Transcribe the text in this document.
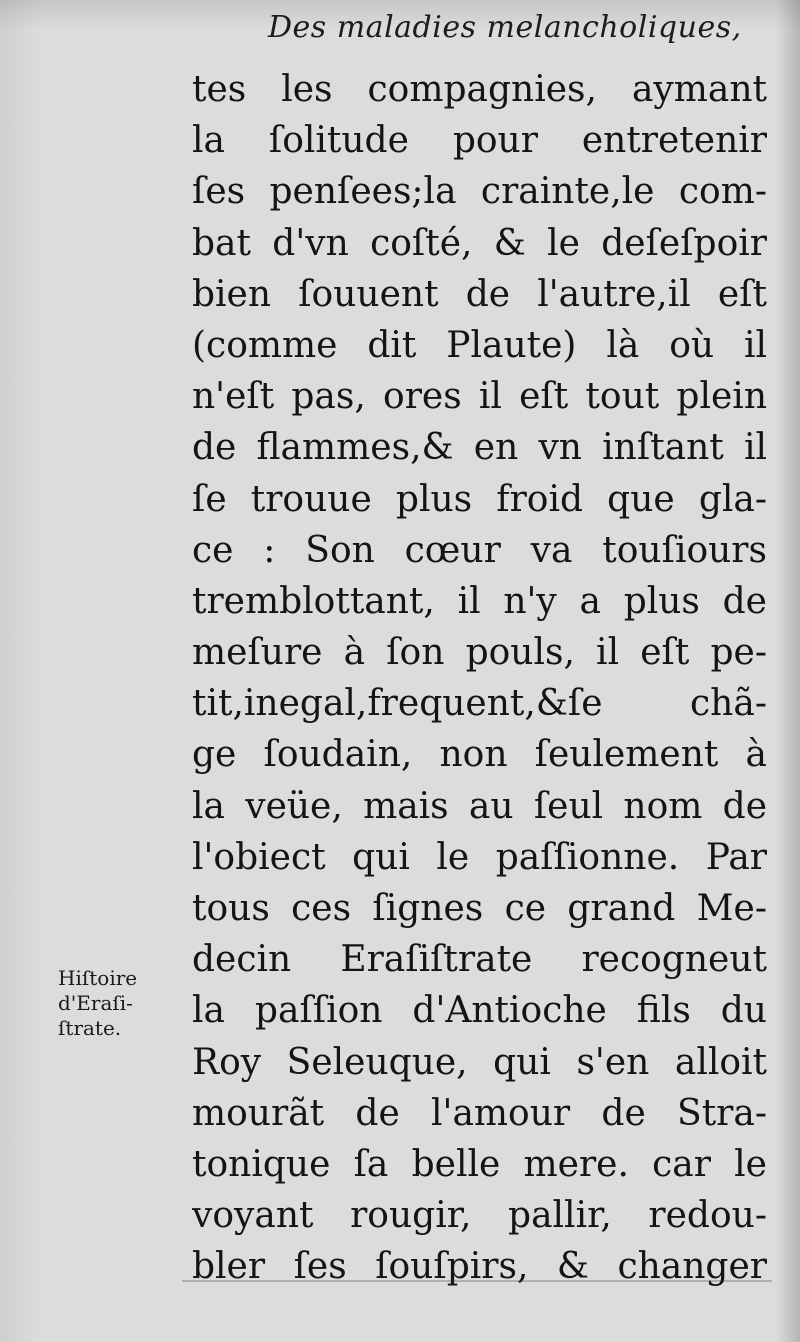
Des maladies melancholiques,
tes les compagnies, aymant
la ſolitude pour entretenir
ſes penſees;la crainte,le com-
bat d'vn coſté, & le deſeſpoir
bien ſouuent de l'autre,il eſt
(comme dit Plaute) là où il
n'eſt pas, ores il eſt tout plein
de flammes,& en vn inſtant il
ſe trouue plus froid que gla-
ce : Son cœur va touſiours
tremblottant, il n'y a plus de
meſure à ſon pouls, il eſt pe-
tit,inegal,frequent,&ſe chã-
ge ſoudain, non ſeulement à
la veüe, mais au ſeul nom de
l'obiect qui le paſſionne. Par
tous ces ſignes ce grand Me-
decin Eraſiſtrate recogneut
la paſſion d'Antioche fils du
Roy Seleuque, qui s'en alloit
mourãt de l'amour de Stra-
tonique ſa belle mere. car le
voyant rougir, pallir, redou-
bler ſes ſouſpirs, & changer
Hiſtoire
d'Eraſi-
ſtrate.
